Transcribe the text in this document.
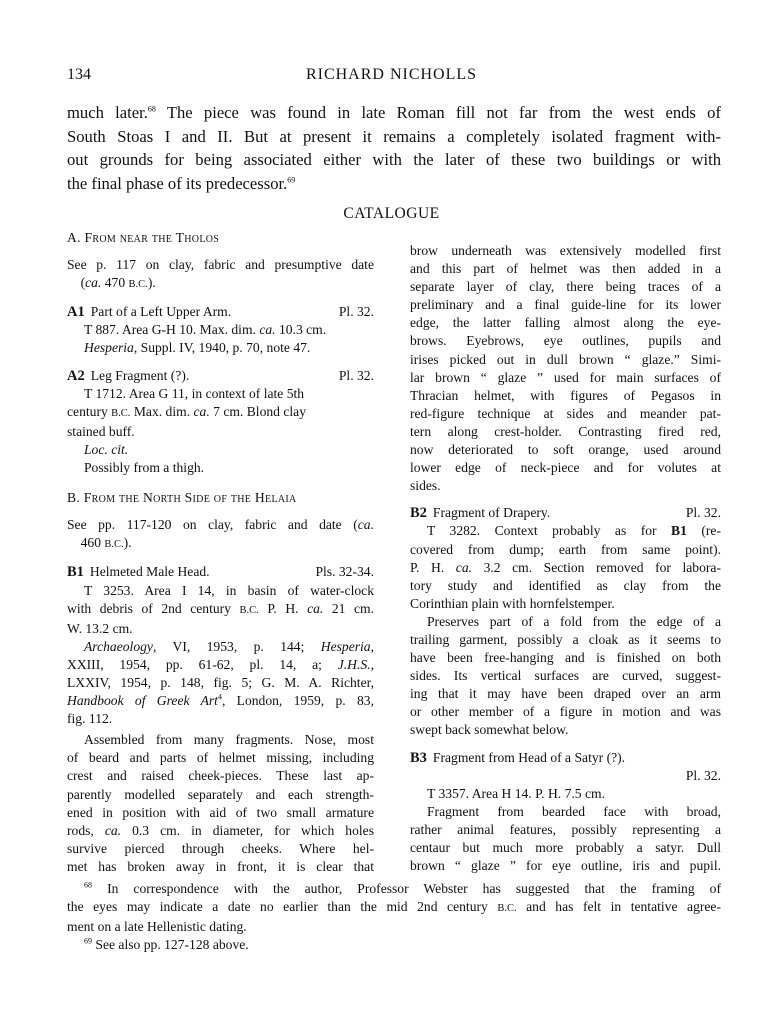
134	RICHARD NICHOLLS
much later.$^{68}$ The piece was found in late Roman fill not far from the west ends of
South Stoas I and II. But at present it remains a completely isolated fragment with-
out grounds for being associated either with the later of these two buildings or with
the final phase of its predecessor.$^{69}$
CATALOGUE
A. From near the Tholos
See p. 117 on clay, fabric and presumptive date
(ca. 470 B.C.).
A1 Part of a Left Upper Arm.	Pl. 32.
T 887. Area G-H 10. Max. dim. ca. 10.3 cm.
Hesperia, Suppl. IV, 1940, p. 70, note 47.
A2 Leg Fragment (?).	Pl. 32.
T 1712. Area G 11, in context of late 5th
century B.C. Max. dim. ca. 7 cm. Blond clay
stained buff.
Loc. cit.
Possibly from a thigh.
B. From the North Side of the Helaia
See pp. 117-120 on clay, fabric and date (ca.
460 B.C.).
B1 Helmeted Male Head.	Pls. 32-34.
T 3253. Area I 14, in basin of water-clock
with debris of 2nd century B.C. P. H. ca. 21 cm.
W. 13.2 cm.
Archaeology, VI, 1953, p. 144; Hesperia,
XXIII, 1954, pp. 61-62, pl. 14, a; J.H.S.,
LXXIV, 1954, p. 148, fig. 5; G. M. A. Richter,
Handbook of Greek Art$^4$, London, 1959, p. 83,
fig. 112.
Assembled from many fragments. Nose, most
of beard and parts of helmet missing, including
crest and raised cheek-pieces. These last ap-
parently modelled separately and each strength-
ened in position with aid of two small armature
rods, ca. 0.3 cm. in diameter, for which holes
survive pierced through cheeks. Where hel-
met has broken away in front, it is clear that
brow underneath was extensively modelled first
and this part of helmet was then added in a
separate layer of clay, there being traces of a
preliminary and a final guide-line for its lower
edge, the latter falling almost along the eye-
brows. Eyebrows, eye outlines, pupils and
irises picked out in dull brown “ glaze.” Simi-
lar brown “ glaze ” used for main surfaces of
Thracian helmet, with figures of Pegasos in
red-figure technique at sides and meander pat-
tern along crest-holder. Contrasting fired red,
now deteriorated to soft orange, used around
lower edge of neck-piece and for volutes at
sides.
B2 Fragment of Drapery.	Pl. 32.
T 3282. Context probably as for B1 (re-
covered from dump; earth from same point).
P. H. ca. 3.2 cm. Section removed for labora-
tory study and identified as clay from the
Corinthian plain with hornfelstemper.
Preserves part of a fold from the edge of a
trailing garment, possibly a cloak as it seems to
have been free-hanging and is finished on both
sides. Its vertical surfaces are curved, suggest-
ing that it may have been draped over an arm
or other member of a figure in motion and was
swept back somewhat below.
B3 Fragment from Head of a Satyr (?).
Pl. 32.
T 3357. Area H 14. P. H. 7.5 cm.
Fragment from bearded face with broad,
rather animal features, possibly representing a
centaur but much more probably a satyr. Dull
brown “ glaze ” for eye outline, iris and pupil.
$^{68}$ In correspondence with the author, Professor Webster has suggested that the framing of
the eyes may indicate a date no earlier than the mid 2nd century B.C. and has felt in tentative agree-
ment on a late Hellenistic dating.
$^{69}$ See also pp. 127-128 above.
